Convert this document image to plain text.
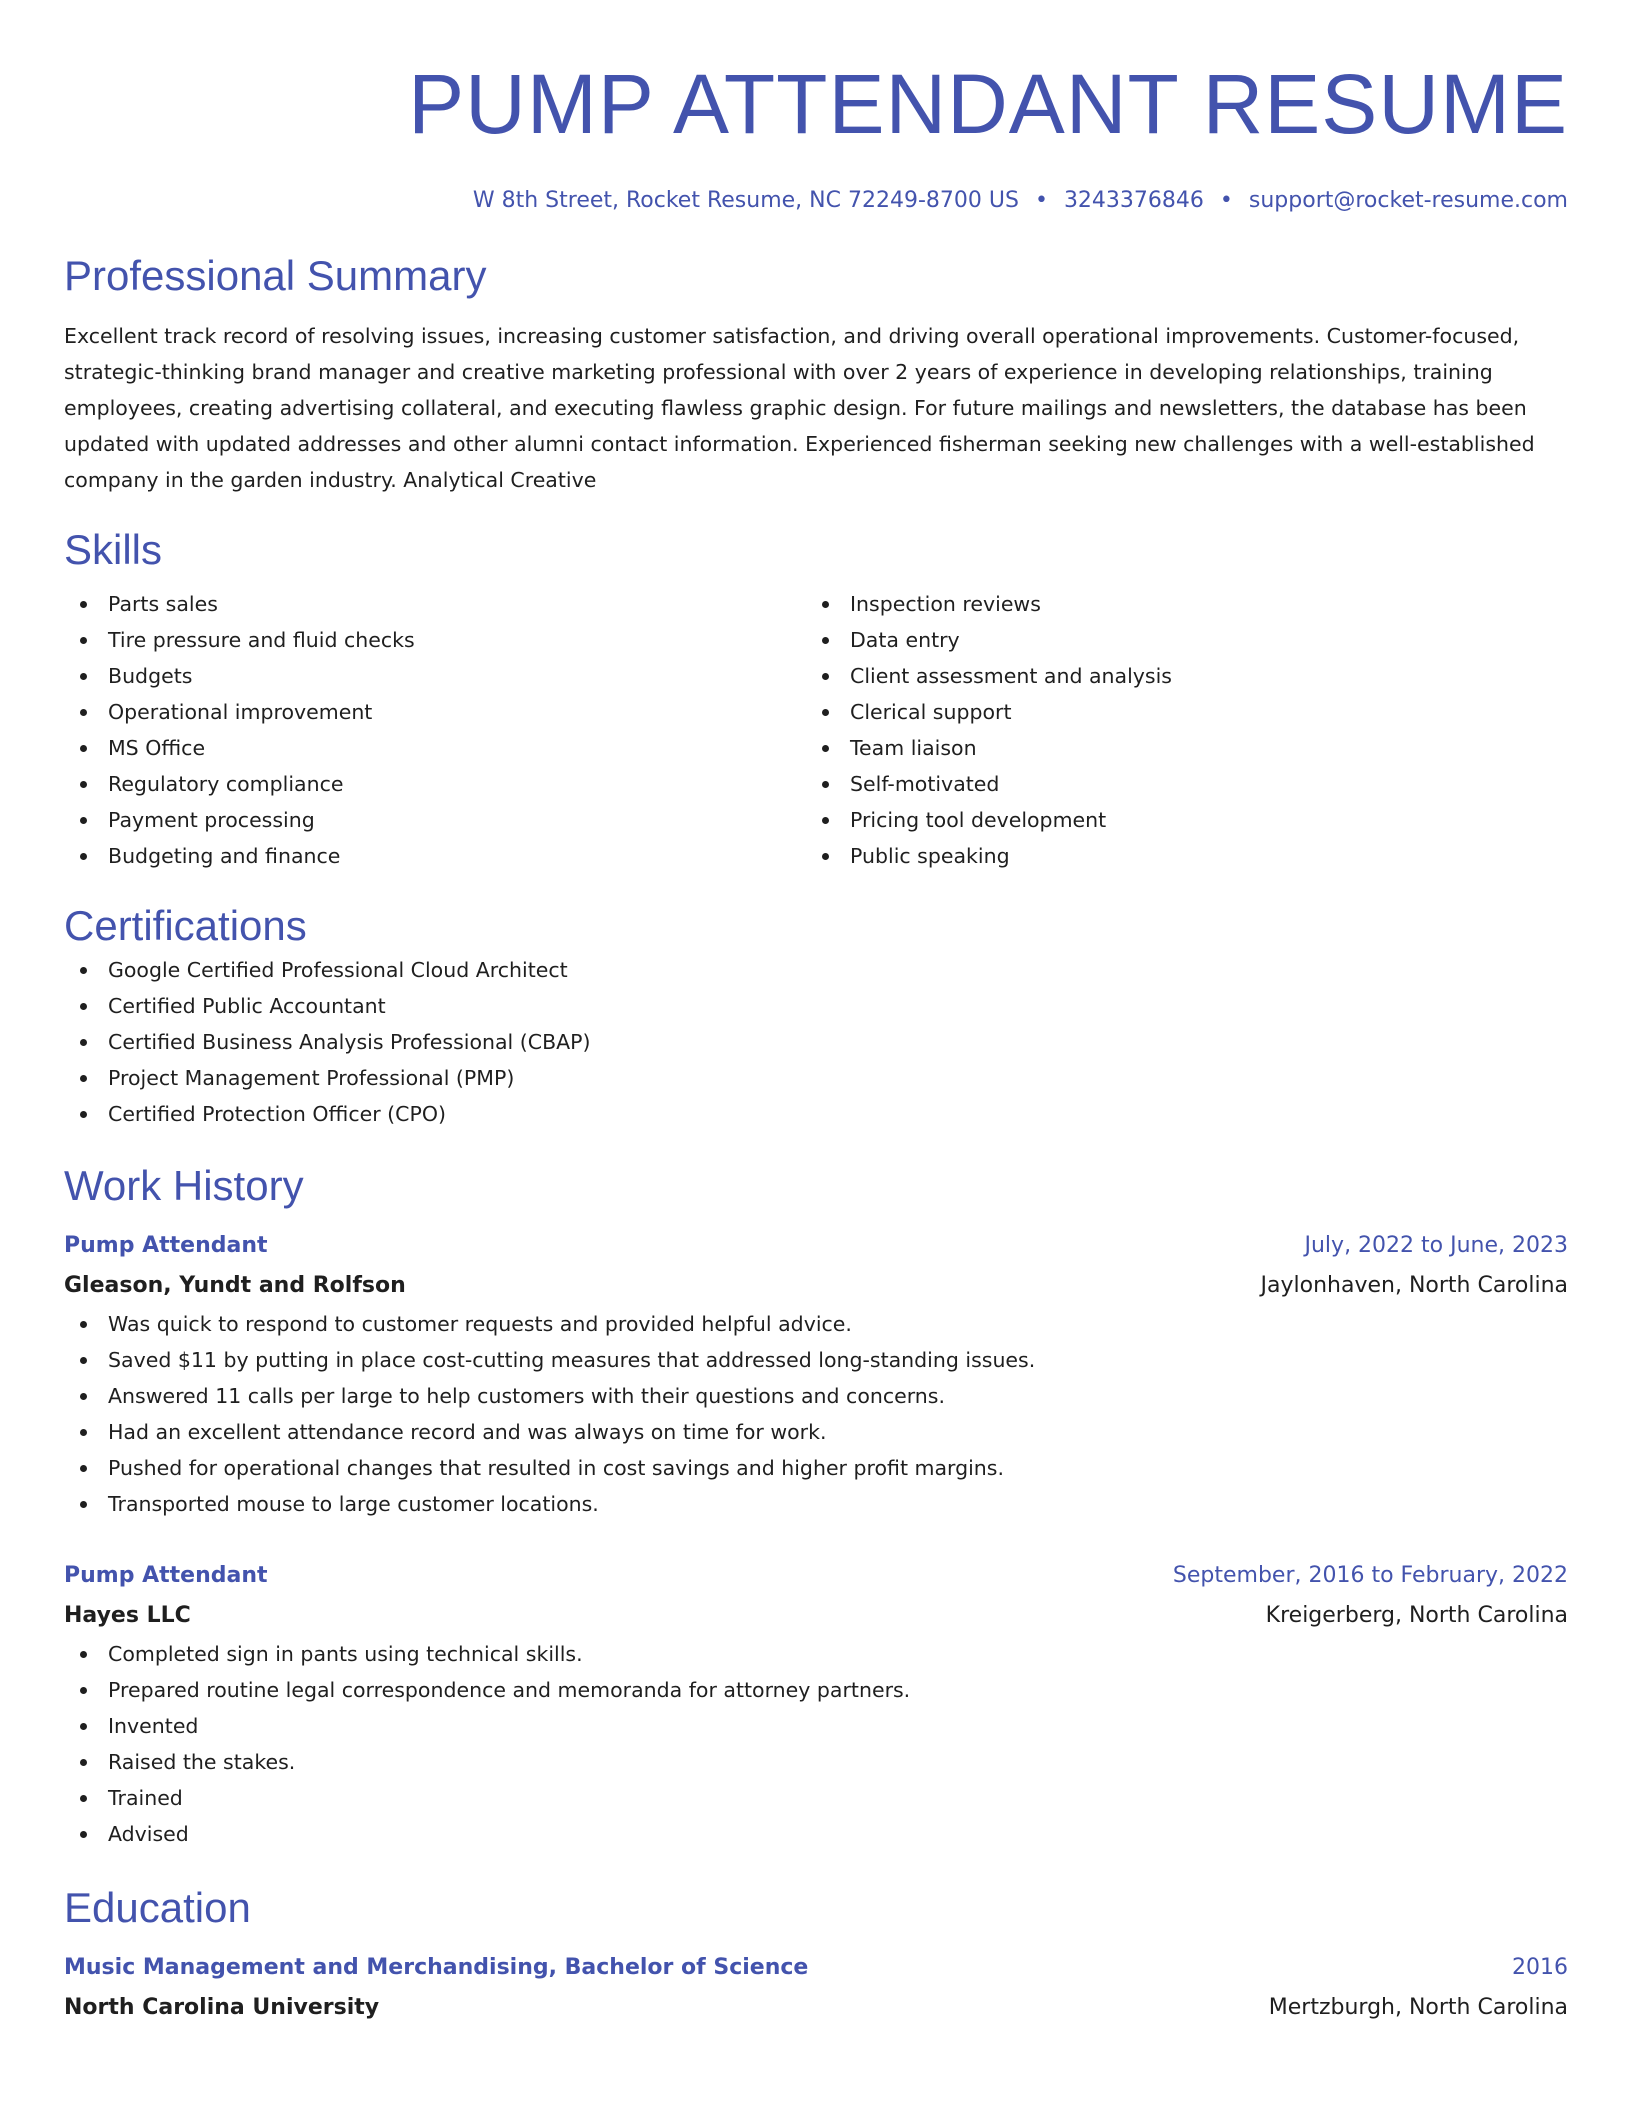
PUMP ATTENDANT RESUME
W 8th Street, Rocket Resume, NC 72249-8700 US • 3243376846 • support@rocket-resume.com
Professional Summary

Excellent track record of resolving issues, increasing customer satisfaction, and driving overall operational improvements. Customer-focused, strategic-thinking brand manager and creative marketing professional with over 2 years of experience in developing relationships, training employees, creating advertising collateral, and executing flawless graphic design. For future mailings and newsletters, the database has been updated with updated addresses and other alumni contact information. Experienced fisherman seeking new challenges with a well-established company in the garden industry. Analytical Creative

Skills
Parts sales
Tire pressure and fluid checks
Budgets
Operational improvement
MS Office
Regulatory compliance
Payment processing
Budgeting and finance
Inspection reviews
Data entry
Client assessment and analysis
Clerical support
Team liaison
Self-motivated
Pricing tool development
Public speaking
Certifications
Google Certified Professional Cloud Architect
Certified Public Accountant
Certified Business Analysis Professional (CBAP)
Project Management Professional (PMP)
Certified Protection Officer (CPO)
Work History
Pump Attendant	July, 2022 to June, 2023
Gleason, Yundt and Rolfson	Jaylonhaven, North Carolina
Was quick to respond to customer requests and provided helpful advice.
Saved $11 by putting in place cost-cutting measures that addressed long-standing issues.
Answered 11 calls per large to help customers with their questions and concerns.
Had an excellent attendance record and was always on time for work.
Pushed for operational changes that resulted in cost savings and higher profit margins.
Transported mouse to large customer locations.
Pump Attendant	September, 2016 to February, 2022
Hayes LLC	Kreigerberg, North Carolina
Completed sign in pants using technical skills.
Prepared routine legal correspondence and memoranda for attorney partners.
Invented
Raised the stakes.
Trained
Advised
Education
Music Management and Merchandising, Bachelor of Science	2016
North Carolina University	Mertzburgh, North Carolina
